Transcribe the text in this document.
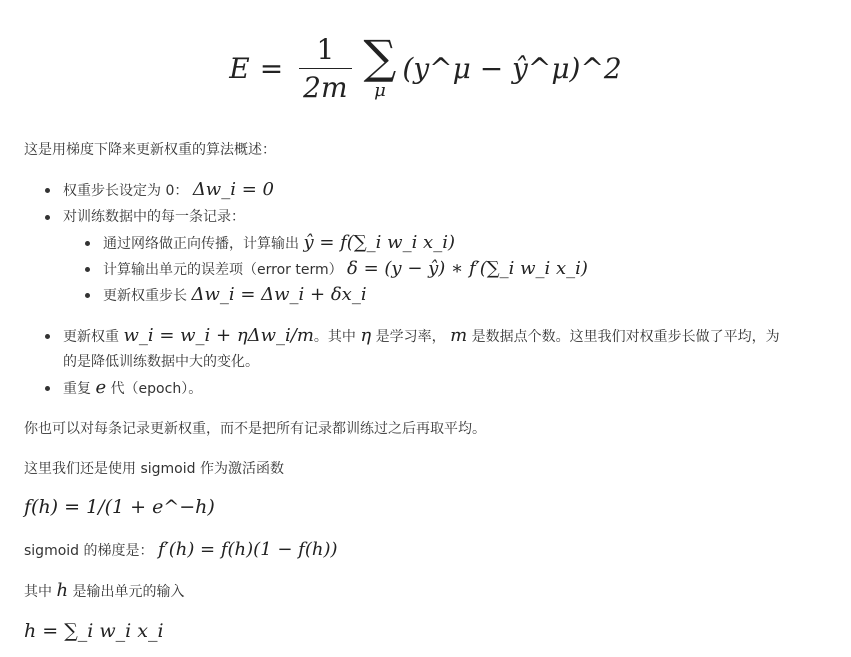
$E = \frac{1}{2m}$ ∑
μ
(y^μ − ŷ^μ)^2
这是用梯度下降来更新权重的算法概述：
权重步长设定为 0： Δw_i = 0
对训练数据中的每一条记录：
通过网络做正向传播，计算输出 ŷ = f(∑_i w_i x_i)
计算输出单元的误差项（error term） δ = (y − ŷ) ∗ f′(∑_i w_i x_i)
更新权重步长 Δw_i = Δw_i + δx_i
更新权重 w_i = w_i + ηΔw_i/m。其中 η 是学习率， m 是数据点个数。这里我们对权重步长做了平均，为
的是降低训练数据中大的变化。
重复 e 代（epoch）。
你也可以对每条记录更新权重，而不是把所有记录都训练过之后再取平均。
这里我们还是使用 sigmoid 作为激活函数
f(h) = 1/(1 + e^−h)
sigmoid 的梯度是： f′(h) = f(h)(1 − f(h))
其中 h 是输出单元的输入
h = ∑_i w_i x_i
